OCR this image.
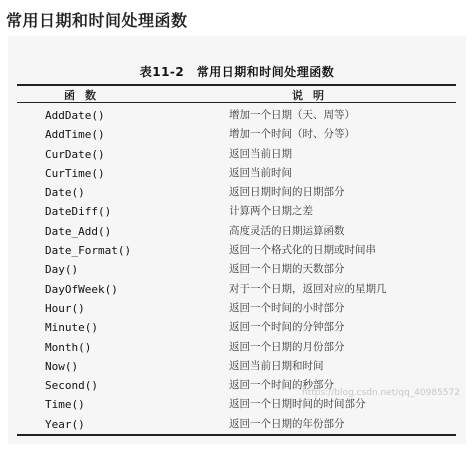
常用日期和时间处理函数
表11-2　常用日期和时间处理函数
函数	说明
AddDate()	增加一个日期（天、周等）
AddTime()	增加一个时间（时、分等）
CurDate()	返回当前日期
CurTime()	返回当前时间
Date()	返回日期时间的日期部分
DateDiff()	计算两个日期之差
Date_Add()	高度灵活的日期运算函数
Date_Format()	返回一个格式化的日期或时间串
Day()	返回一个日期的天数部分
DayOfWeek()	对于一个日期，返回对应的星期几
Hour()	返回一个时间的小时部分
Minute()	返回一个时间的分钟部分
Month()	返回一个日期的月份部分
Now()	返回当前日期和时间
Second()	返回一个时间的秒部分
Time()	返回一个日期时间的时间部分
Year()	返回一个日期的年份部分
https://blog.csdn.net/qq_40985572
